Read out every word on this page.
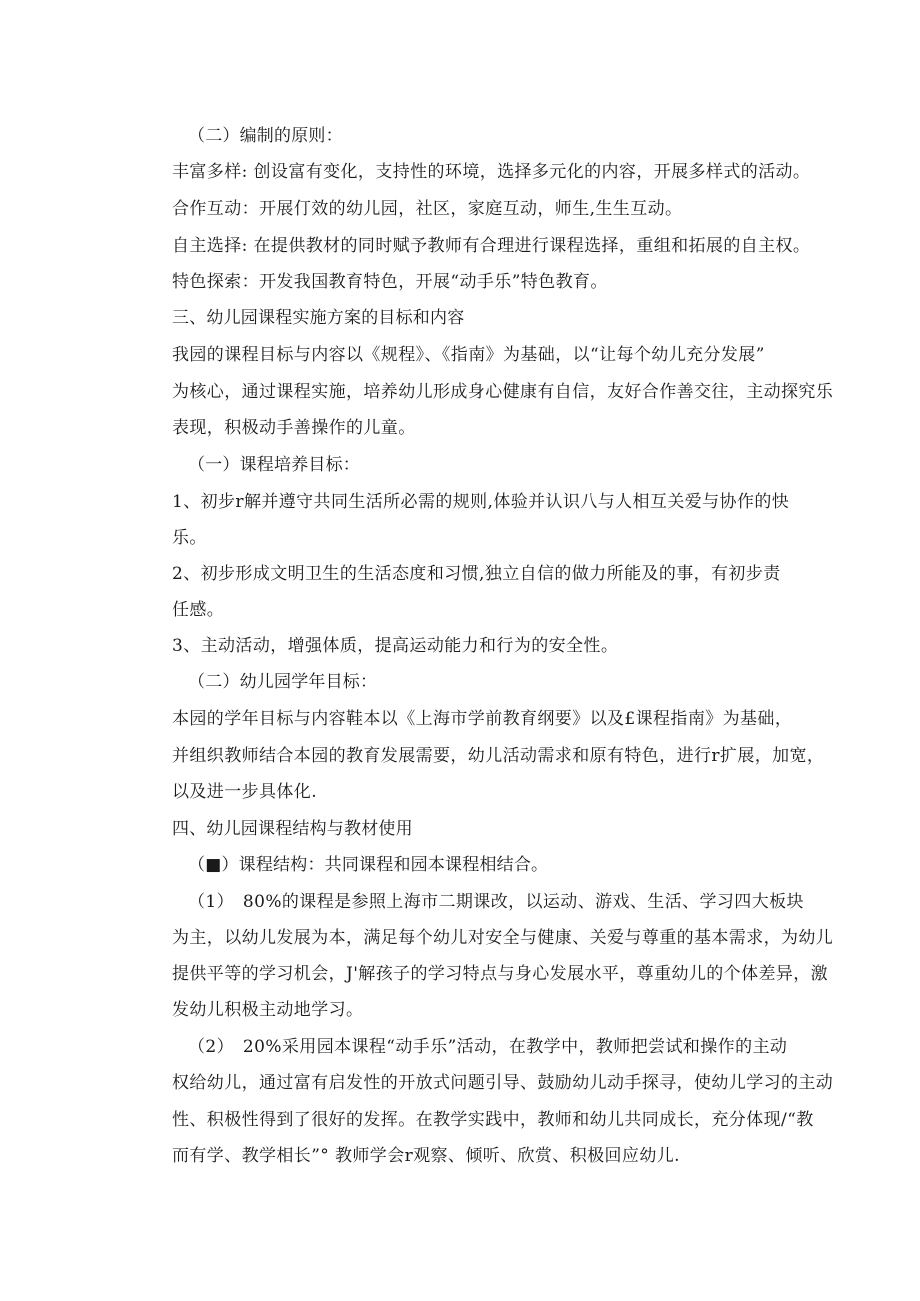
（二）编制的原则：
丰富多样: 创设富有变化，支持性的环境，选择多元化的内容，开展多样式的活动。
合作互动：开展仃效的幼儿园，社区，家庭互动，师生,生生互动。
自主选择: 在提供教材的同时赋予教师有合理进行课程选择，重组和拓展的自主权。
特色探索：开发我国教育特色，开展“动手乐”特色教育。
三、幼儿园课程实施方案的目标和内容
我园的课程目标与内容以《规程》、《指南》为基础，以“让每个幼儿充分发展”
为核心，通过课程实施，培养幼儿形成身心健康有自信，友好合作善交往，主动探究乐
表现，积极动手善操作的儿童。
（一）课程培养目标：
1、初步r解并遵守共同生活所必需的规则,体验并认识八与人相互关爱与协作的快
乐。
2、初步形成文明卫生的生活态度和习惯,独立自信的做力所能及的事，有初步责
任感。
3、主动活动，增强体质，提高运动能力和行为的安全性。
（二）幼儿园学年目标：
本园的学年目标与内容鞋本以《上海市学前教育纲要》以及£课程指南》为基础，
并组织教师结合本园的教育发展需要，幼儿活动需求和原有特色，进行r扩展，加宽，
以及进一步具体化.
四、幼儿园课程结构与教材使用
（■）课程结构：共同课程和园本课程相结合。
（1）　80%的课程是参照上海市二期课改，以运动、游戏、生活、学习四大板块
为主，以幼儿发展为本，满足每个幼儿对安全与健康、关爱与尊重的基本需求，为幼儿
提供平等的学习机会，J'解孩子的学习特点与身心发展水平，尊重幼儿的个体差异，激
发幼儿积极主动地学习。
（2）　20%采用园本课程“动手乐”活动，在教学中，教师把尝试和操作的主动
权给幼儿，通过富有启发性的开放式问题引导、鼓励幼儿动手探寻，使幼儿学习的主动
性、积极性得到了很好的发挥。在教学实践中，教师和幼儿共同成长，充分体现/“教
而有学、教学相长”° 教师学会r观察、倾听、欣赏、积极回应幼儿.
